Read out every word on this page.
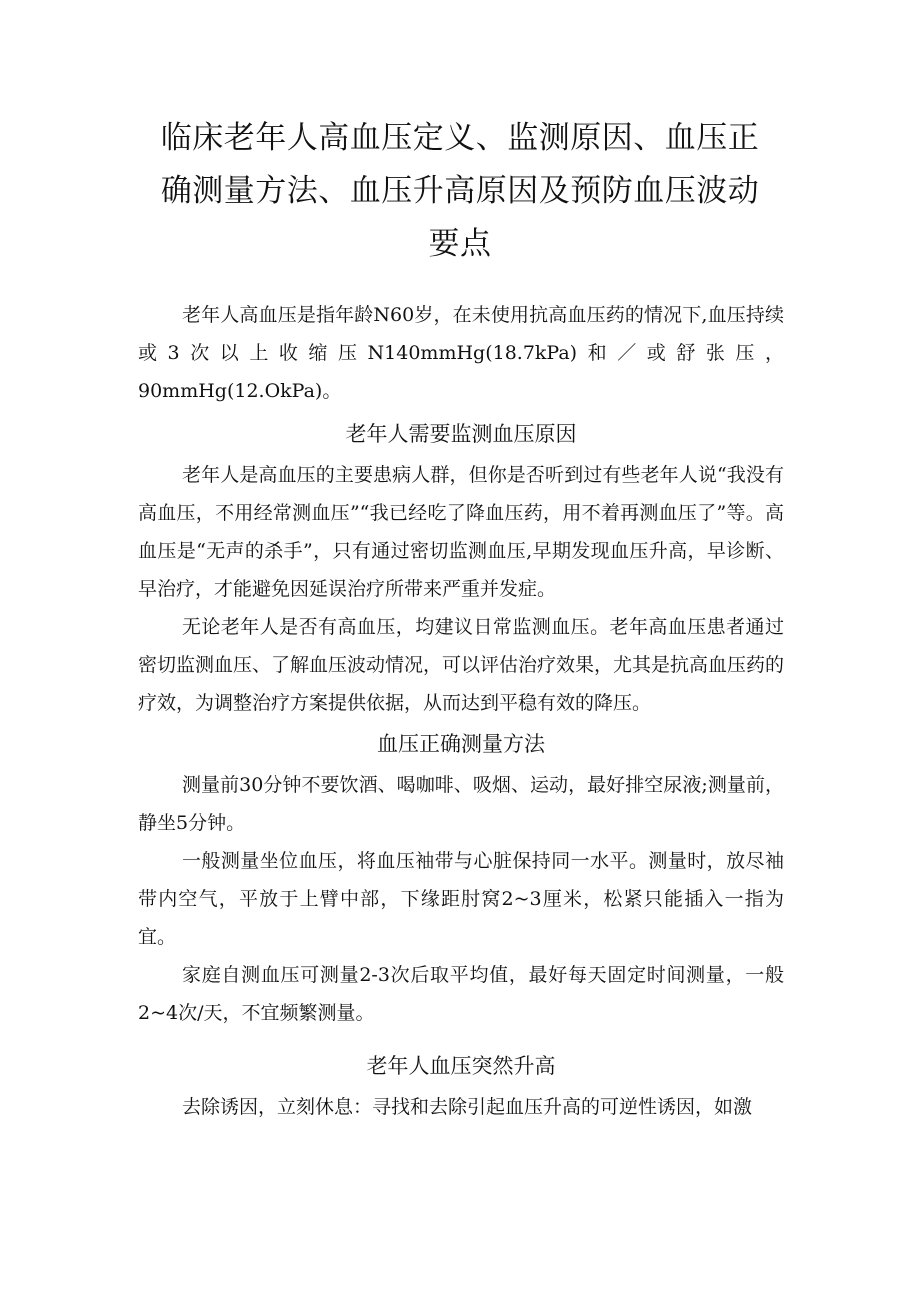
临床老年人高血压定义、监测原因、血压正
确测量方法、血压升高原因及预防血压波动
要点

老年人高血压是指年龄N60岁，在未使用抗高血压药的情况下,血压持续或3次以上收缩压N140mmHg(18.7kPa)和／或舒张压，90mmHg(12.OkPa)。

老年人需要监测血压原因

老年人是高血压的主要患病人群，但你是否听到过有些老年人说“我没有高血压，不用经常测血压”“我已经吃了降血压药，用不着再测血压了”等。高血压是“无声的杀手”，只有通过密切监测血压,早期发现血压升高，早诊断、早治疗，才能避免因延误治疗所带来严重并发症。

无论老年人是否有高血压，均建议日常监测血压。老年高血压患者通过密切监测血压、了解血压波动情况，可以评估治疗效果，尤其是抗高血压药的疗效，为调整治疗方案提供依据，从而达到平稳有效的降压。

血压正确测量方法

测量前30分钟不要饮酒、喝咖啡、吸烟、运动，最好排空尿液;测量前，静坐5分钟。

一般测量坐位血压，将血压袖带与心脏保持同一水平。测量时，放尽袖带内空气，平放于上臂中部，下缘距肘窝2~3厘米，松紧只能插入一指为宜。

家庭自测血压可测量2-3次后取平均值，最好每天固定时间测量，一般2~4次/天，不宜频繁测量。

老年人血压突然升高

去除诱因，立刻休息：寻找和去除引起血压升高的可逆性诱因，如激
